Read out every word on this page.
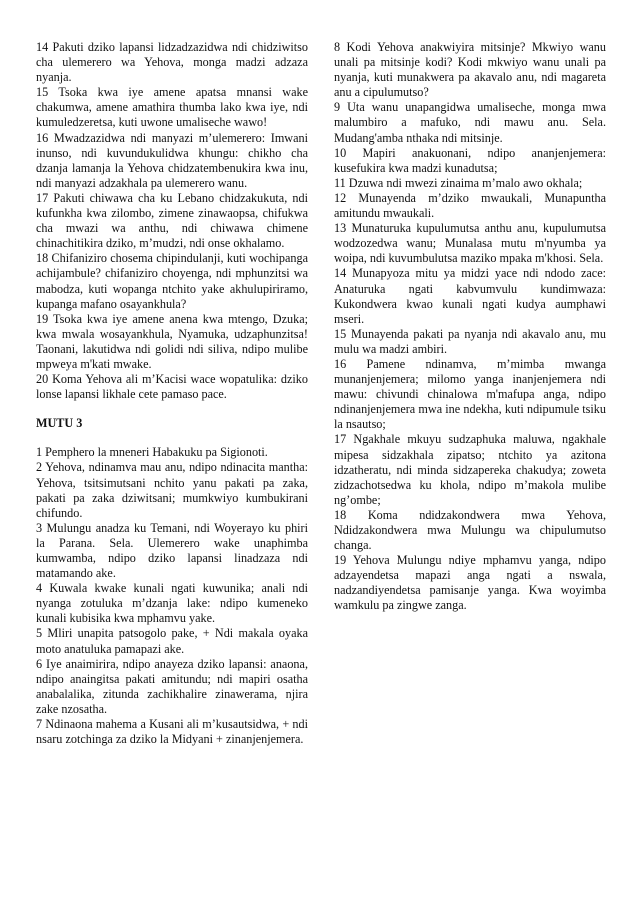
14 Pakuti dziko lapansi lidzadzazidwa ndi chidziwitso cha ulemerero wa Yehova, monga madzi adzaza nyanja.

15 Tsoka kwa iye amene apatsa mnansi wake chakumwa, amene amathira thumba lako kwa iye, ndi kumuledzeretsa, kuti uwone umaliseche wawo!

16 Mwadzazidwa ndi manyazi m’ulemerero: Imwani inunso, ndi kuvundukulidwa khungu: chikho cha dzanja lamanja la Yehova chidzatembenukira kwa inu, ndi manyazi adzakhala pa ulemerero wanu.

17 Pakuti chiwawa cha ku Lebano chidzakukuta, ndi kufunkha kwa zilombo, zimene zinawaopsa, chifukwa cha mwazi wa anthu, ndi chiwawa chimene chinachitikira dziko, m’mudzi, ndi onse okhalamo.

18 Chifaniziro chosema chipindulanji, kuti wochipanga achijambule? chifaniziro choyenga, ndi mphunzitsi wa mabodza, kuti wopanga ntchito yake akhulupiriramo, kupanga mafano osayankhula?

19 Tsoka kwa iye amene anena kwa mtengo, Dzuka; kwa mwala wosayankhula, Nyamuka, udzaphunzitsa! Taonani, lakutidwa ndi golidi ndi siliva, ndipo mulibe mpweya m'kati mwake.

20 Koma Yehova ali m’Kacisi wace wopatulika: dziko lonse lapansi likhale cete pamaso pace.

MUTU 3

1 Pemphero la mneneri Habakuku pa Sigionoti.

2 Yehova, ndinamva mau anu, ndipo ndinacita mantha: Yehova, tsitsimutsani nchito yanu pakati pa zaka, pakati pa zaka dziwitsani; mumkwiyo kumbukirani chifundo.

3 Mulungu anadza ku Temani, ndi Woyerayo ku phiri la Parana. Sela. Ulemerero wake unaphimba kumwamba, ndipo dziko lapansi linadzaza ndi matamando ake.

4 Kuwala kwake kunali ngati kuwunika; anali ndi nyanga zotuluka m’dzanja lake: ndipo kumeneko kunali kubisika kwa mphamvu yake.

5 Mliri unapita patsogolo pake, + Ndi makala oyaka moto anatuluka pamapazi ake.

6 Iye anaimirira, ndipo anayeza dziko lapansi: anaona, ndipo anaingitsa pakati amitundu; ndi mapiri osatha anabalalika, zitunda zachikhalire zinawerama, njira zake nzosatha.

7 Ndinaona mahema a Kusani ali m’kusautsidwa, + ndi nsaru zotchinga za dziko la Midyani + zinanjenjemera.

8 Kodi Yehova anakwiyira mitsinje? Mkwiyo wanu unali pa mitsinje kodi? Kodi mkwiyo wanu unali pa nyanja, kuti munakwera pa akavalo anu, ndi magareta anu a cipulumutso?

9 Uta wanu unapangidwa umaliseche, monga mwa malumbiro a mafuko, ndi mawu anu. Sela. Mudang'amba nthaka ndi mitsinje.

10 Mapiri anakuonani, ndipo ananjenjemera: kusefukira kwa madzi kunadutsa;

11 Dzuwa ndi mwezi zinaima m’malo awo okhala;

12 Munayenda m’dziko mwaukali, Munapuntha amitundu mwaukali.

13 Munaturuka kupulumutsa anthu anu, kupulumutsa wodzozedwa wanu; Munalasa mutu m'nyumba ya woipa, ndi kuvumbulutsa maziko mpaka m'khosi. Sela.

14 Munapyoza mitu ya midzi yace ndi ndodo zace: Anaturuka ngati kabvumvulu kundimwaza: Kukondwera kwao kunali ngati kudya aumphawi mseri.

15 Munayenda pakati pa nyanja ndi akavalo anu, mu mulu wa madzi ambiri.

16 Pamene ndinamva, m’mimba mwanga munanjenjemera; milomo yanga inanjenjemera ndi mawu: chivundi chinalowa m'mafupa anga, ndipo ndinanjenjemera mwa ine ndekha, kuti ndipumule tsiku la nsautso;

17 Ngakhale mkuyu sudzaphuka maluwa, ngakhale mipesa sidzakhala zipatso; ntchito ya azitona idzatheratu, ndi minda sidzapereka chakudya; zoweta zidzachotsedwa ku khola, ndipo m’makola mulibe ng’ombe;

18 Koma ndidzakondwera mwa Yehova, Ndidzakondwera mwa Mulungu wa chipulumutso changa.

19 Yehova Mulungu ndiye mphamvu yanga, ndipo adzayendetsa mapazi anga ngati a nswala, nadzandiyendetsa pamisanje yanga. Kwa woyimba wamkulu pa zingwe zanga.
